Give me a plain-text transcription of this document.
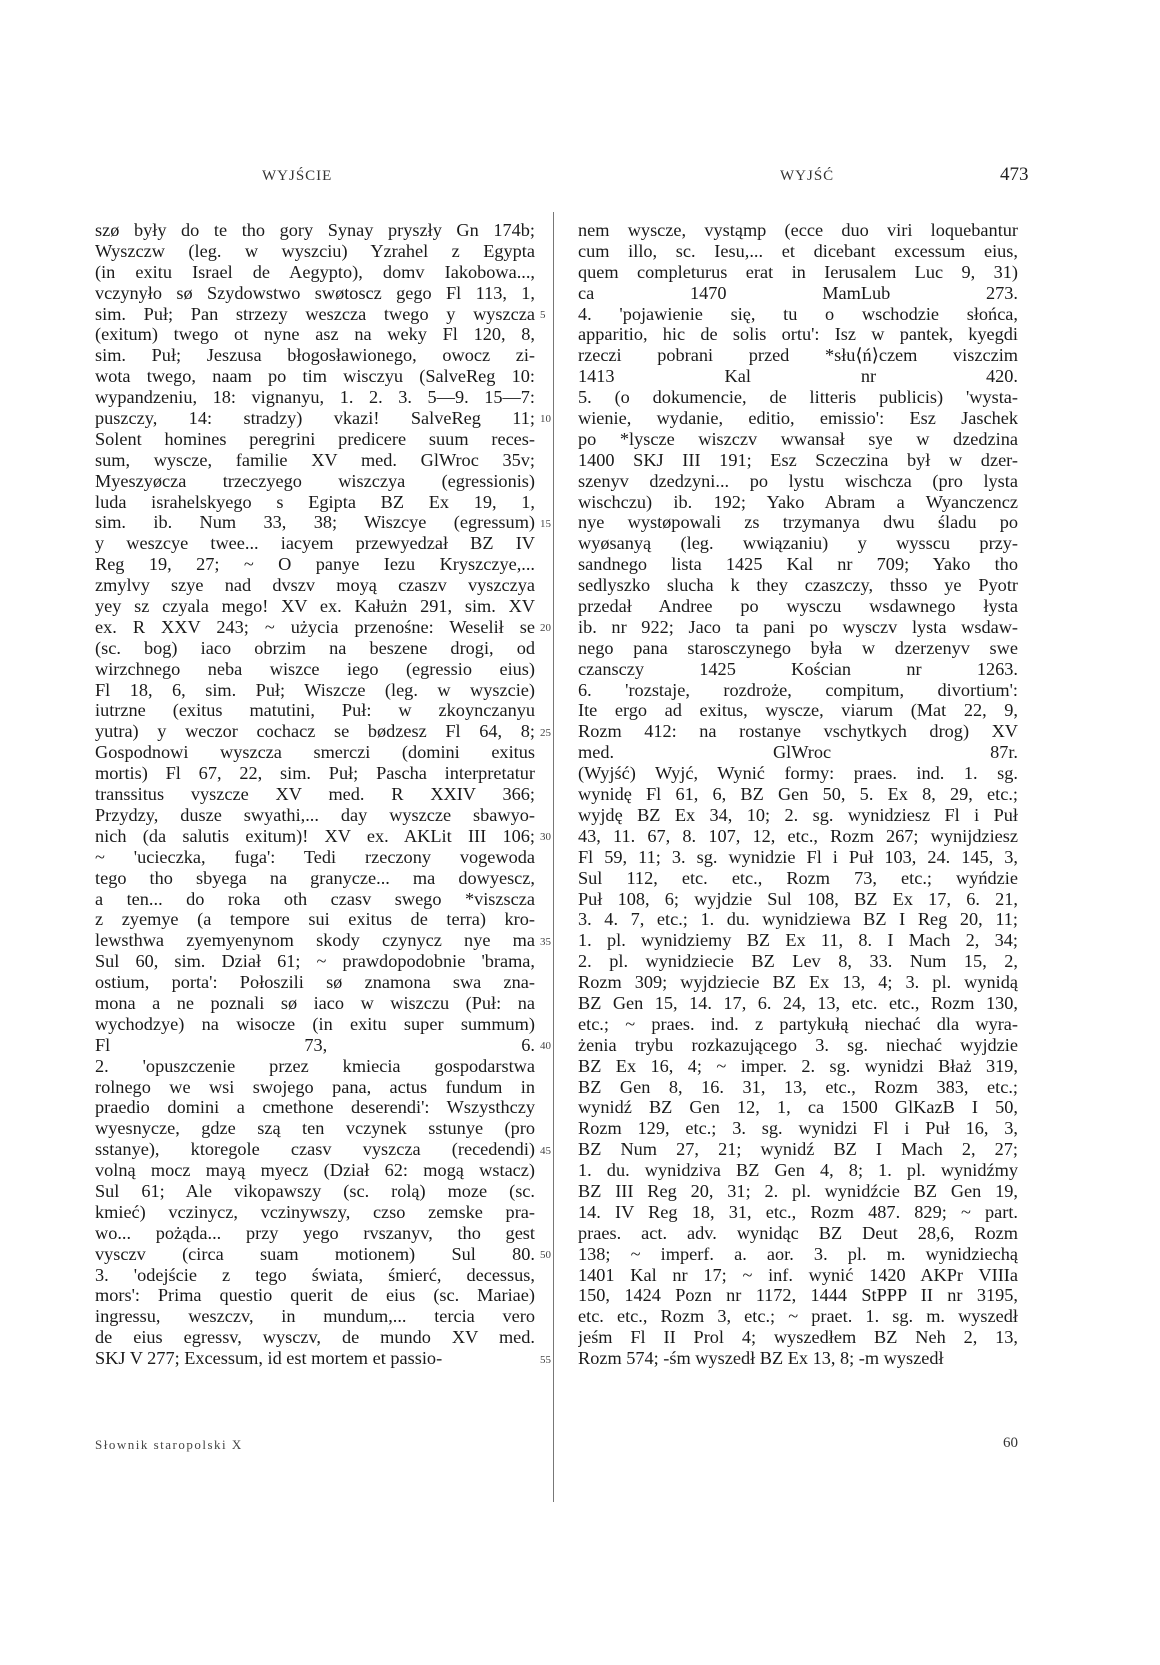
WYJŚCIE	WYJŚĆ	473
szø były do te tho gory Synay pryszły Gn 174b;
Wyszczw (leg. w wyszciu) Yzrahel z Egypta
(in exitu Israel de Aegypto), domv Iakobowa...,
vczynyło sø Szydowstwo swøtoscz gego Fl 113, 1,
sim. Puł; Pan strzezy weszcza twego y wyszcza
(exitum) twego ot nyne asz na weky Fl 120, 8,
sim. Puł; Jeszusa błogosławionego, owocz zi-
wota twego, naam po tim wisczyu (SalveReg 10:
wypandzeniu, 18: vignanyu, 1. 2. 3. 5—9. 15—7:
puszczy, 14: stradzy) vkazi! SalveReg 11;
Solent homines peregrini predicere suum reces-
sum, wyscze, familie XV med. GlWroc 35v;
Myeszyøcza trzeczyego wiszczya (egressionis)
luda israhelskyego s Egipta BZ Ex 19, 1,
sim. ib. Num 33, 38; Wiszcye (egressum)
y weszcye twee... iacyem przewyedzał BZ IV
Reg 19, 27; ~ O panye Iezu Kryszczye,...
zmylvy szye nad dvszv moyą czaszv vyszczya
yey sz czyala mego! XV ex. Kałużn 291, sim. XV
ex. R XXV 243; ~ użycia przenośne: Weselił se
(sc. bog) iaco obrzim na beszene drogi, od
wirzchnego neba wiszce iego (egressio eius)
Fl 18, 6, sim. Puł; Wiszcze (leg. w wyszcie)
iutrzne (exitus matutini, Puł: w zkoynczanyu
yutra) y weczor cochacz se bødzesz Fl 64, 8;
Gospodnowi wyszcza smerczi (domini exitus
mortis) Fl 67, 22, sim. Puł; Pascha interpretatur
transsitus vyszcze XV med. R XXIV 366;
Przydzy, dusze swyathi,... day wyszcze sbawyo-
nich (da salutis exitum)! XV ex. AKLit III 106;
~ 'ucieczka, fuga': Tedi rzeczony vogewoda
tego tho sbyega na granycze... ma dowyescz,
a ten... do roka oth czasv swego *viszscza
z zyemye (a tempore sui exitus de terra) kro-
lewsthwa zyemyenynom skody czynycz nye ma
Sul 60, sim. Dział 61; ~ prawdopodobnie 'brama,
ostium, porta': Połoszili sø znamona swa zna-
mona a ne poznali sø iaco w wiszczu (Puł: na
wychodzye) na wisocze (in exitu super summum)
Fl 73, 6.
2. 'opuszczenie przez kmiecia gospodarstwa
rolnego we wsi swojego pana, actus fundum in
praedio domini a cmethone deserendi': Wszysthczy
wyesnyczе, gdze szą ten vczynek sstunye (pro
sstanye), ktoregole czasv vyszcza (recedendi)
volną mocz mayą myecz (Dział 62: mogą wstacz)
Sul 61; Ale vikopawszy (sc. rolą) moze (sc.
kmieć) vczinycz, vczinywszy, czso zemske pra-
wo... pożąda... przy yego rvszanyv, tho gest
vysczv (circa suam motionem) Sul 80.
3. 'odejście z tego świata, śmierć, decessus,
mors': Prima questio querit de eius (sc. Mariae)
ingressu, weszczv, in mundum,... tercia vero
de eius egressv, wysczv, de mundo XV med.
SKJ V 277; Excessum, id est mortem et passio-
5
10
15
20
25
30
35
40
45
50
55
nem wyscze, vystąmp (ecce duo viri loquebantur
cum illo, sc. Iesu,... et dicebant excessum eius,
quem completurus erat in Ierusalem Luc 9, 31)
ca 1470 MamLub 273.
4. 'pojawienie się, tu o wschodzie słońca,
apparitio, hic de solis ortu': Isz w pantek, kyegdi
rzeczi pobrani przed *słu⟨ń⟩czem viszczim
1413 Kal nr 420.
5. (o dokumencie, de litteris publicis) 'wysta-
wienie, wydanie, editio, emissio': Esz Jaschek
po *lyscze wiszczv wwansał sye w dzedzina
1400 SKJ III 191; Esz Sczeczina był w dzer-
szenyv dzedzyni... po lystu wischcza (pro lysta
wischczu) ib. 192; Yako Abram a Wyanczencz
nye wystøpowali zs trzymanya dwu śladu po
wyøsanyą (leg. wwiązaniu) y wysscu przy-
sandnego lista 1425 Kal nr 709; Yako tho
sedlyszko slucha k they czaszczy, thsso ye Pyotr
przedał Andree po wysczu wsdawnego łysta
ib. nr 922; Jaco ta pani po wysczv lysta wsdaw-
nego pana starosczynego była w dzerzenyv swe
czansczy 1425 Kościan nr 1263.
6. 'rozstaje, rozdroże, compitum, divortium':
Ite ergo ad exitus, wyscze, viarum (Mat 22, 9,
Rozm 412: na rostanye vschytkych drog) XV
med. GlWroc 87r.
(Wyjść) Wyjć, Wynić formy: praes. ind. 1. sg.
wynidę Fl 61, 6, BZ Gen 50, 5. Ex 8, 29, etc.;
wyjdę BZ Ex 34, 10; 2. sg. wynidziesz Fl i Puł
43, 11. 67, 8. 107, 12, etc., Rozm 267; wynijdziesz
Fl 59, 11; 3. sg. wynidzie Fl i Puł 103, 24. 145, 3,
Sul 112, etc. etc., Rozm 73, etc.; wyńdzie
Puł 108, 6; wyjdzie Sul 108, BZ Ex 17, 6. 21,
3. 4. 7, etc.; 1. du. wynidziewa BZ I Reg 20, 11;
1. pl. wynidziemy BZ Ex 11, 8. I Mach 2, 34;
2. pl. wynidziecie BZ Lev 8, 33. Num 15, 2,
Rozm 309; wyjdziecie BZ Ex 13, 4; 3. pl. wynidą
BZ Gen 15, 14. 17, 6. 24, 13, etc. etc., Rozm 130,
etc.; ~ praes. ind. z partykułą niechać dla wyra-
żenia trybu rozkazującego 3. sg. niechać wyjdzie
BZ Ex 16, 4; ~ imper. 2. sg. wynidzi Błaż 319,
BZ Gen 8, 16. 31, 13, etc., Rozm 383, etc.;
wynidź BZ Gen 12, 1, ca 1500 GlKazB I 50,
Rozm 129, etc.; 3. sg. wynidzi Fl i Puł 16, 3,
BZ Num 27, 21; wynidź BZ I Mach 2, 27;
1. du. wynidziva BZ Gen 4, 8; 1. pl. wynidźmy
BZ III Reg 20, 31; 2. pl. wynidźcie BZ Gen 19,
14. IV Reg 18, 31, etc., Rozm 487. 829; ~ part.
praes. act. adv. wynidąc BZ Deut 28,6, Rozm
138; ~ imperf. a. aor. 3. pl. m. wynidziechą
1401 Kal nr 17; ~ inf. wynić 1420 AKPr VIIIa
150, 1424 Pozn nr 1172, 1444 StPPP II nr 3195,
etc. etc., Rozm 3, etc.; ~ praet. 1. sg. m. wyszedł
jeśm Fl II Prol 4; wyszedłem BZ Neh 2, 13,
Rozm 574; -śm wyszedł BZ Ex 13, 8; -m wyszedł
Słownik staropolski X	60
